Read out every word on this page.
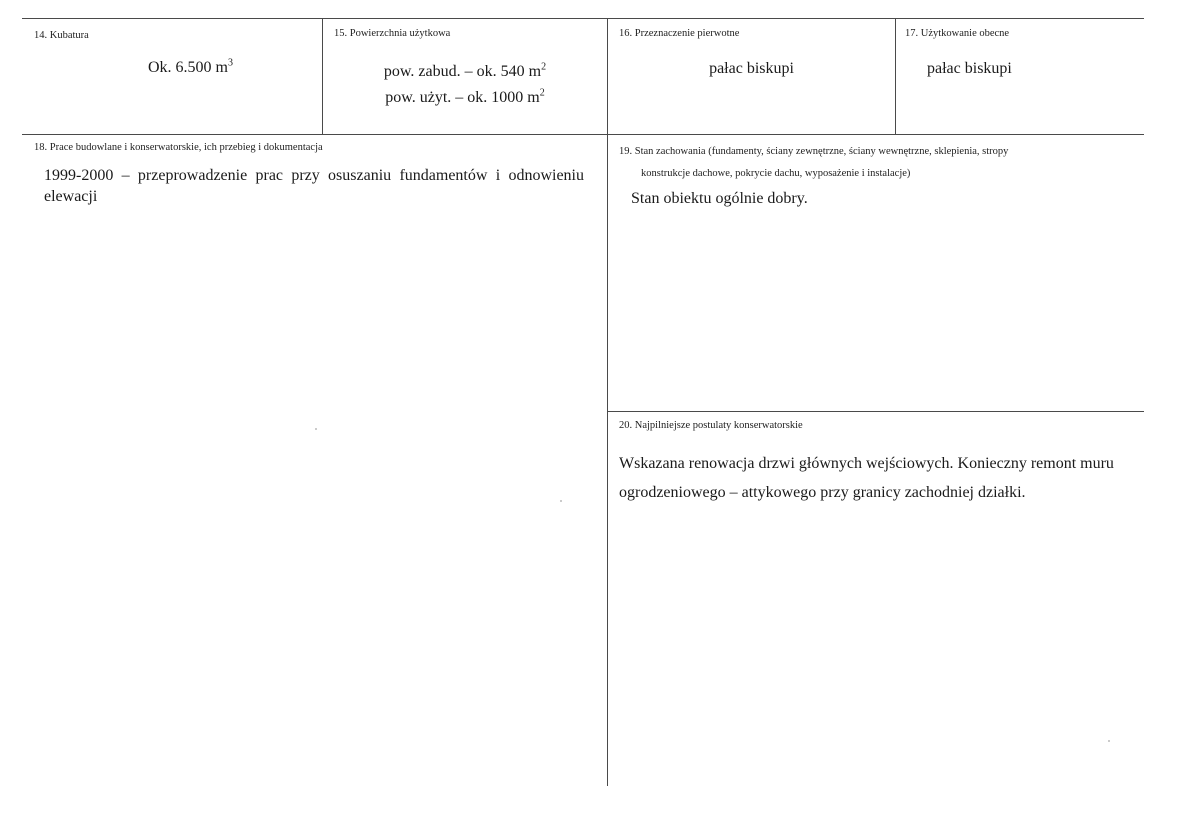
14. Kubatura
Ok. 6.500 $m^3$
15. Powierzchnia użytkowa
pow. zabud. – ok. 540 $m^2$
pow. użyt. – ok. 1000 $m^2$
16. Przeznaczenie pierwotne
pałac biskupi
17. Użytkowanie obecne
pałac biskupi
18. Prace budowlane i konserwatorskie, ich przebieg i dokumentacja
1999-2000 – przeprowadzenie prac przy osuszaniu fundamentów i odnowieniu elewacji
19. Stan zachowania (fundamenty, ściany zewnętrzne, ściany wewnętrzne, sklepienia, stropy
konstrukcje dachowe, pokrycie dachu, wyposażenie i instalacje)
Stan obiektu ogólnie dobry.
20. Najpilniejsze postulaty konserwatorskie
Wskazana renowacja drzwi głównych wejściowych. Konieczny remont muru ogrodzeniowego – attykowego przy granicy zachodniej działki.
